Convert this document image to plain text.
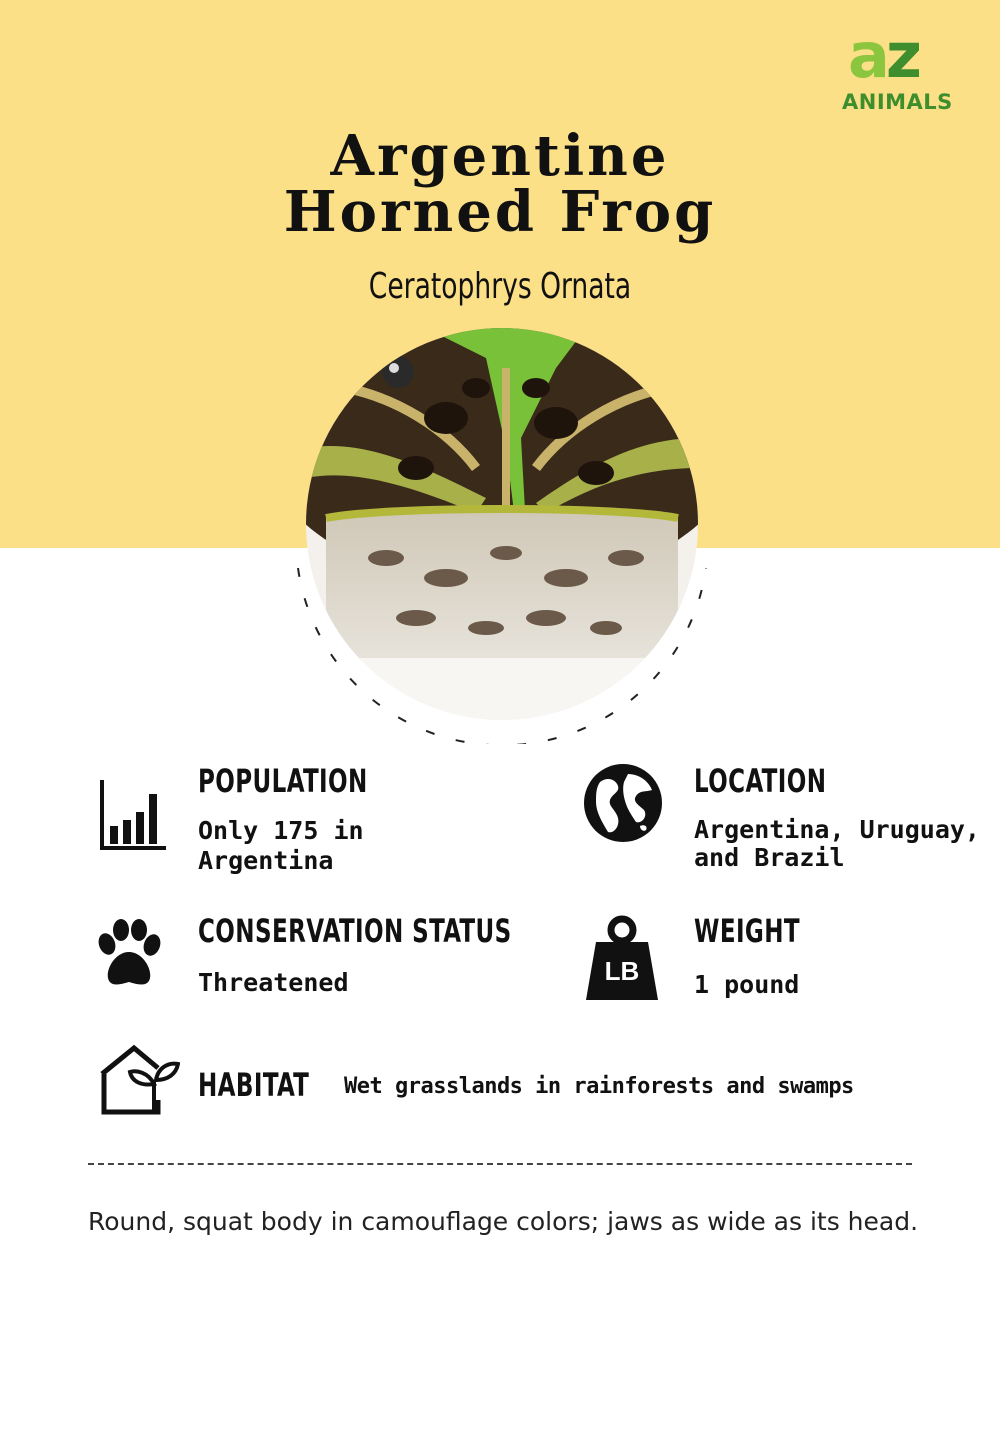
az
ANIMALS
Argentine
Horned Frog
Ceratophrys Ornata
POPULATION
Only 175 in
Argentina
LOCATION
Argentina, Uruguay,
and Brazil
CONSERVATION STATUS
Threatened	LB
WEIGHT
1 pound
HABITAT Wet grasslands in rainforests and swamps
Round, squat body in camouflage colors; jaws as wide as its head.
